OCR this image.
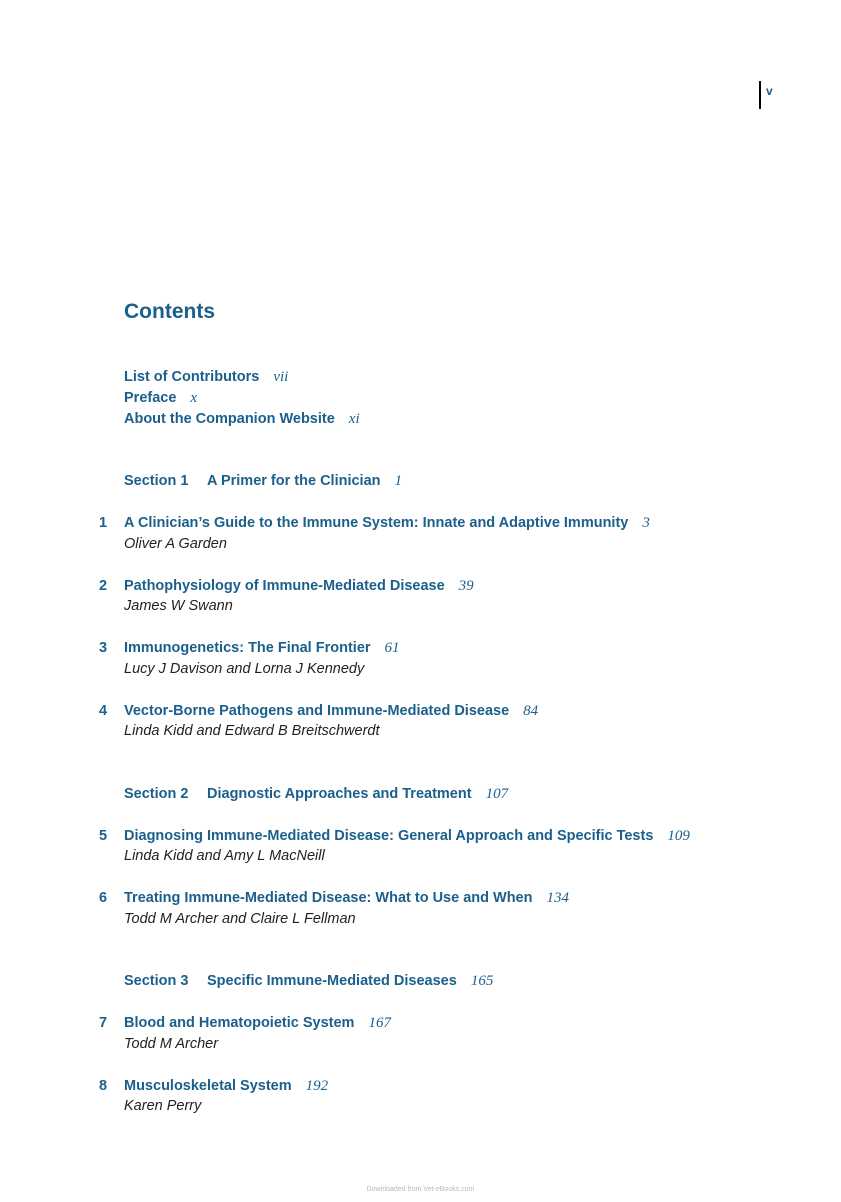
v
Contents
List of Contributors vii
Preface x
About the Companion Website xi
Section 1 A Primer for the Clinician 1
1 A Clinician’s Guide to the Immune System: Innate and Adaptive Immunity 3
Oliver A Garden
2 Pathophysiology of Immune-Mediated Disease 39
James W Swann
3 Immunogenetics: The Final Frontier 61
Lucy J Davison and Lorna J Kennedy
4 Vector-Borne Pathogens and Immune-Mediated Disease 84
Linda Kidd and Edward B Breitschwerdt
Section 2 Diagnostic Approaches and Treatment 107
5 Diagnosing Immune-Mediated Disease: General Approach and Specific Tests 109
Linda Kidd and Amy L MacNeill
6 Treating Immune-Mediated Disease: What to Use and When 134
Todd M Archer and Claire L Fellman
Section 3 Specific Immune-Mediated Diseases 165
7 Blood and Hematopoietic System 167
Todd M Archer
8 Musculoskeletal System 192
Karen Perry
Downloaded from Vet-eBooks.com
